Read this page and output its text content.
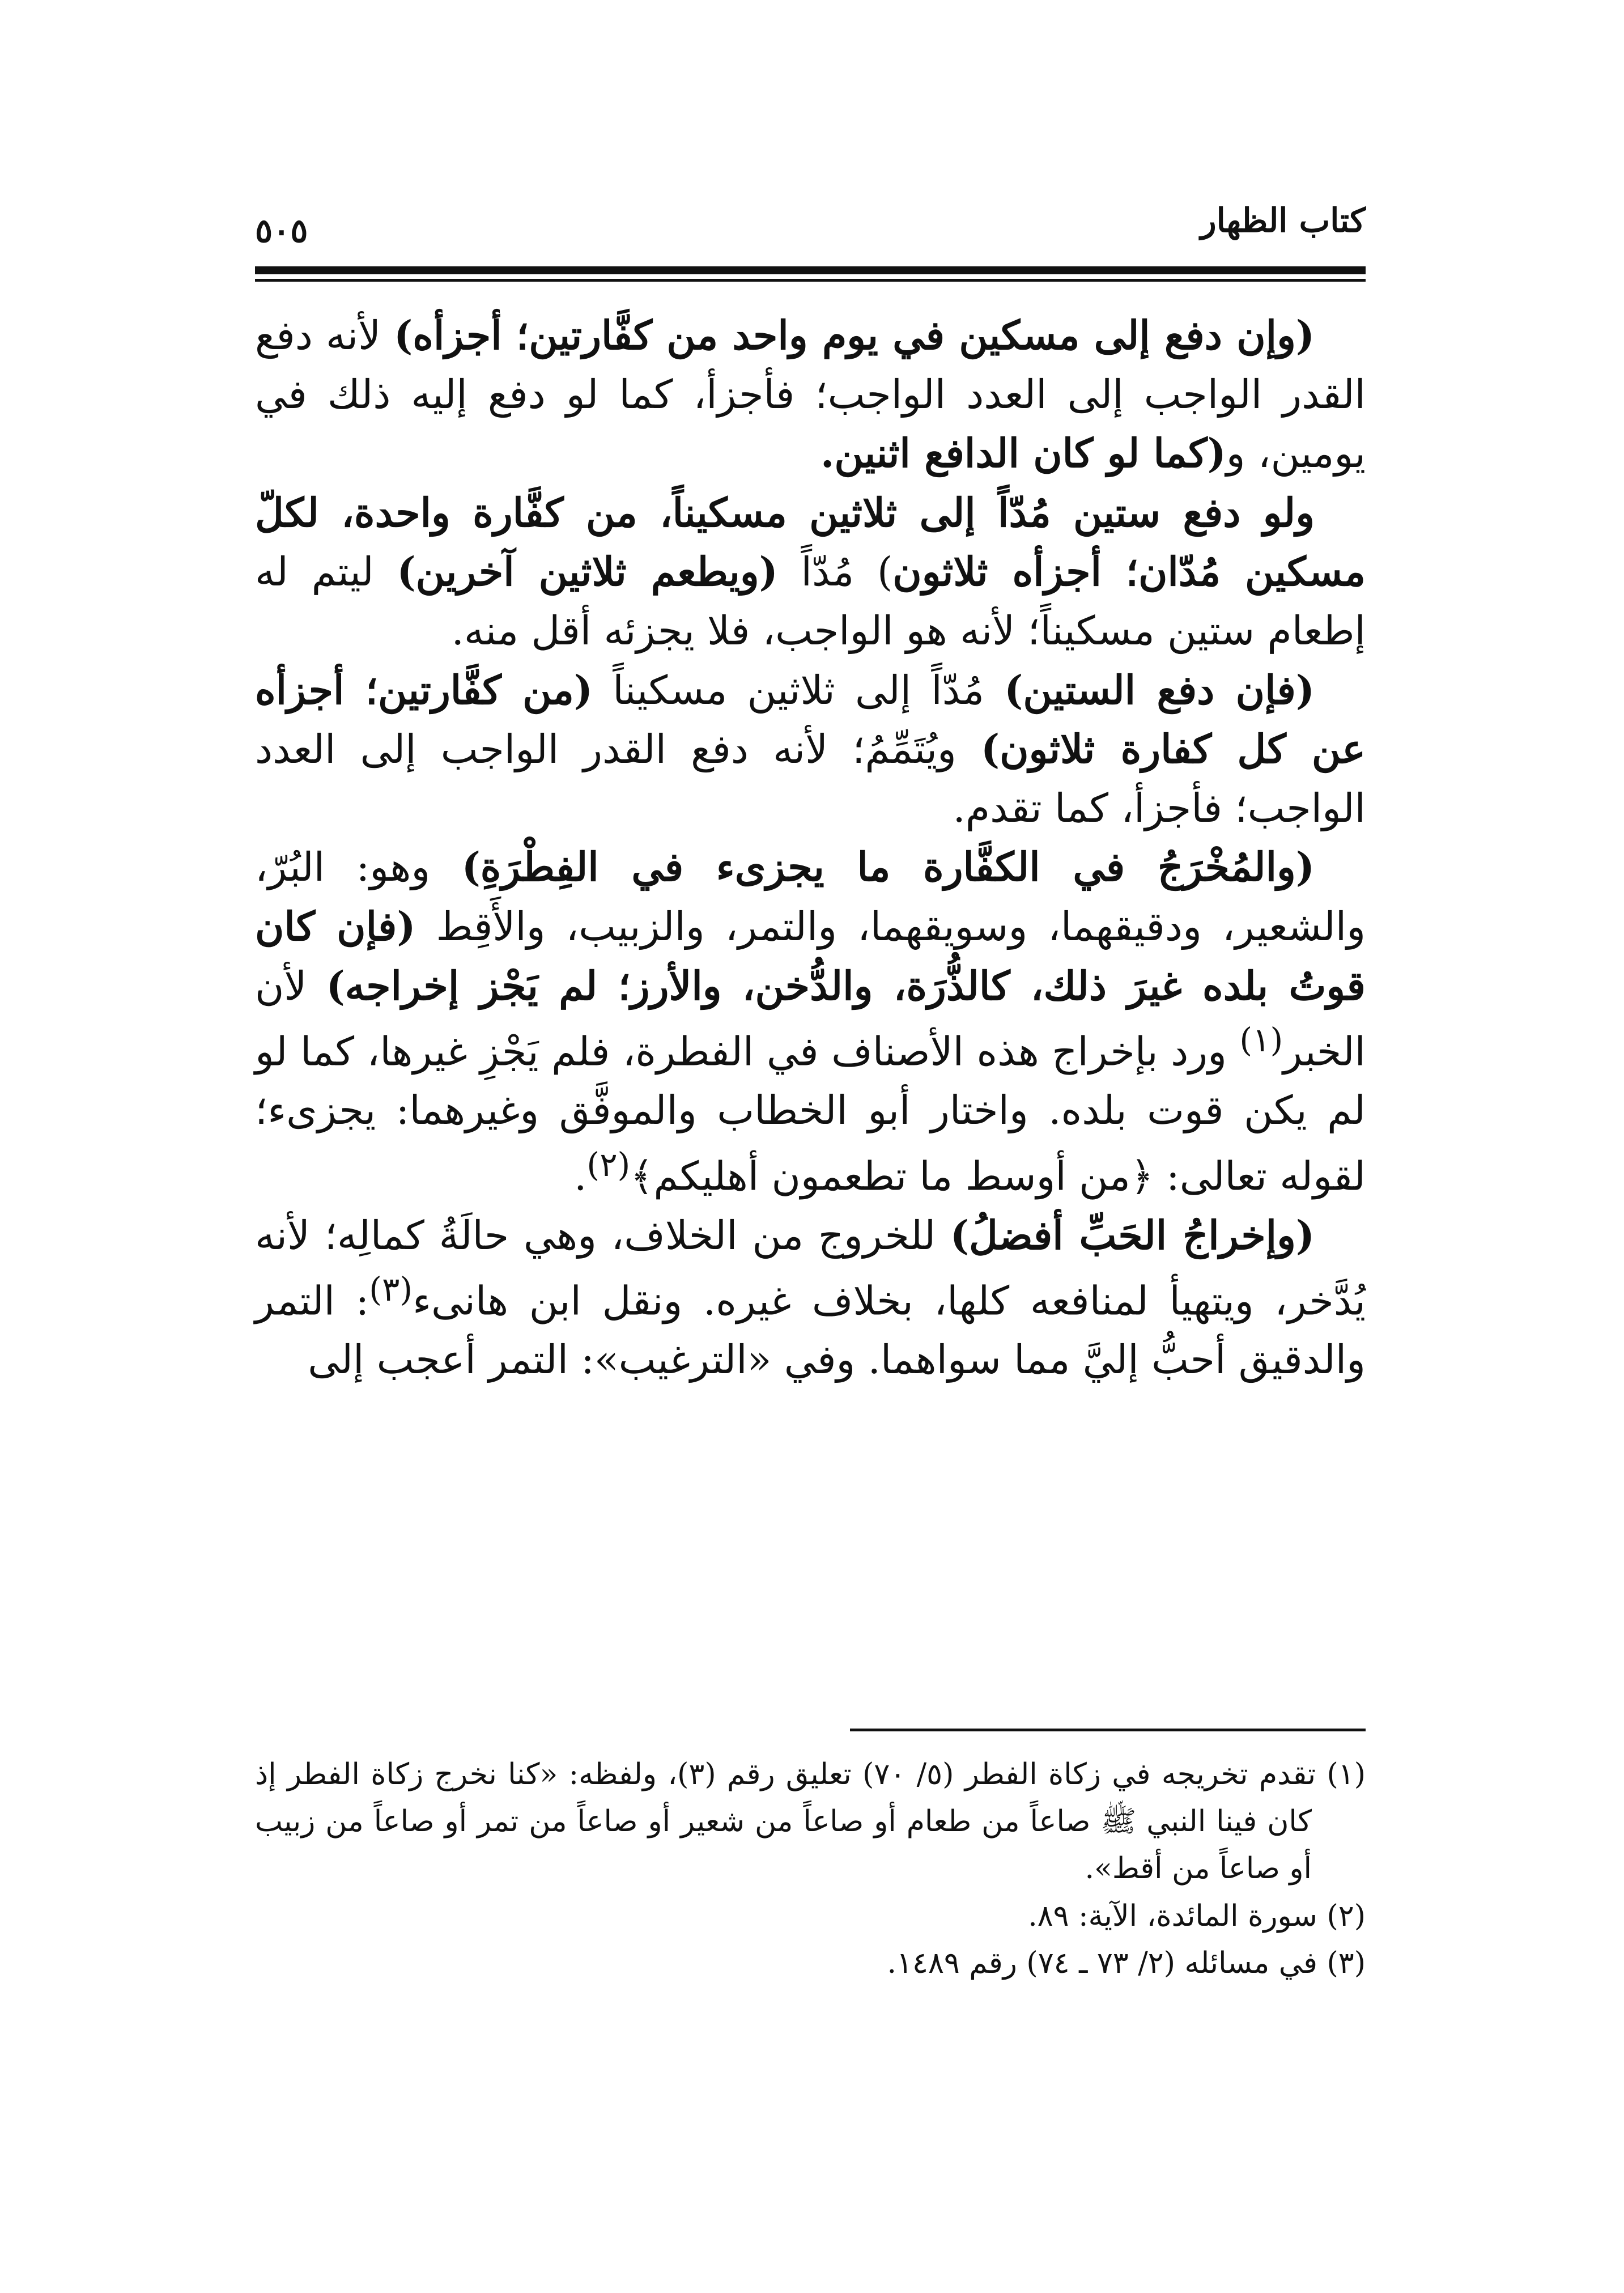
كتاب الظهار
٥٠٥

(وإن دفع إلى مسكين في يوم واحد من كفَّارتين؛ أجزأه) لأنه دفع القدر الواجب إلى العدد الواجب؛ فأجزأ، كما لو دفع إليه ذلك في يومين، و(كما لو كان الدافع اثنين.

ولو دفع ستين مُدّاً إلى ثلاثين مسكيناً، من كفَّارة واحدة، لكلّ مسكين مُدّان؛ أجزأه ثلاثون) مُدّاً (ويطعم ثلاثين آخرين) ليتم له إطعام ستين مسكيناً؛ لأنه هو الواجب، فلا يجزئه أقل منه.

(فإن دفع الستين) مُدّاً إلى ثلاثين مسكيناً (من كفَّارتين؛ أجزأه عن كل كفارة ثلاثون) ويُتَمِّمُ؛ لأنه دفع القدر الواجب إلى العدد الواجب؛ فأجزأ، كما تقدم.

(والمُخْرَجُ في الكفَّارة ما يجزىء في الفِطْرَةِ) وهو: البُرّ، والشعير، ودقيقهما، وسويقهما، والتمر، والزبيب، والأَقِط (فإن كان قوتُ بلده غيرَ ذلك، كالذُّرَة، والدُّخن، والأرز؛ لم يَجْز إخراجه) لأن الخبر$^{(١)}$ ورد بإخراج هذه الأصناف في الفطرة، فلم يَجْزِ غيرها، كما لو لم يكن قوت بلده. واختار أبو الخطاب والموفَّق وغيرهما: يجزىء؛ لقوله تعالى: ﴿من أوسط ما تطعمون أهليكم﴾$^{(٢)}$.

(وإخراجُ الحَبِّ أفضلُ) للخروج من الخلاف، وهي حالَةُ كمالِه؛ لأنه يُدَّخر، ويتهيأ لمنافعه كلها، بخلاف غيره. ونقل ابن هانىء$^{(٣)}$: التمر والدقيق أحبُّ إليَّ مما سواهما. وفي «الترغيب»: التمر أعجب إلى

(١) تقدم تخريجه في زكاة الفطر (٥/ ٧٠) تعليق رقم (٣)، ولفظه: «كنا نخرج زكاة الفطر إذ كان فينا النبي ﷺ صاعاً من طعام أو صاعاً من شعير أو صاعاً من تمر أو صاعاً من زبيب أو صاعاً من أقط».

(٢) سورة المائدة، الآية: ٨٩.

(٣) في مسائله (٢/ ٧٣ ـ ٧٤) رقم ١٤٨٩.
